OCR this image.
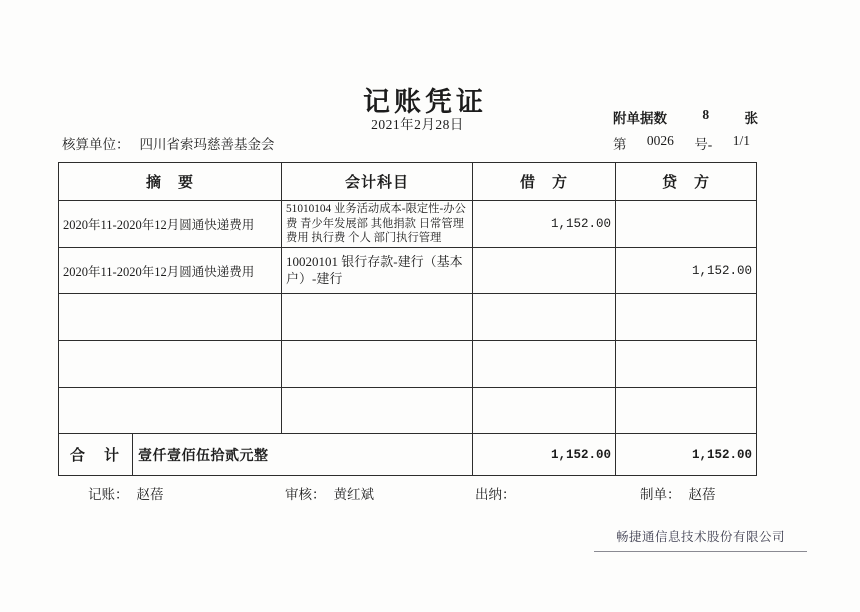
记账凭证
2021年2月28日	附单据数	8	张
第 0026 号- 1/1
核算单位： 四川省索玛慈善基金会
摘　要		会计科目	借　方	贷　方
2020年11-2020年12月圆通快递费用		51010104 业务活动成本-限定性-办公费 青少年发展部 其他捐款 日常管理费用 执行费 个人 部门执行管理	1,152.00	
2020年11-2020年12月圆通快递费用		10020101 银行存款-建行（基本户）-建行		1,152.00

合　计	壹仟壹佰伍拾贰元整		1,152.00	1,152.00
记账： 赵蓓	审核： 黄红斌	出纳：	制单： 赵蓓
畅捷通信息技术股份有限公司
